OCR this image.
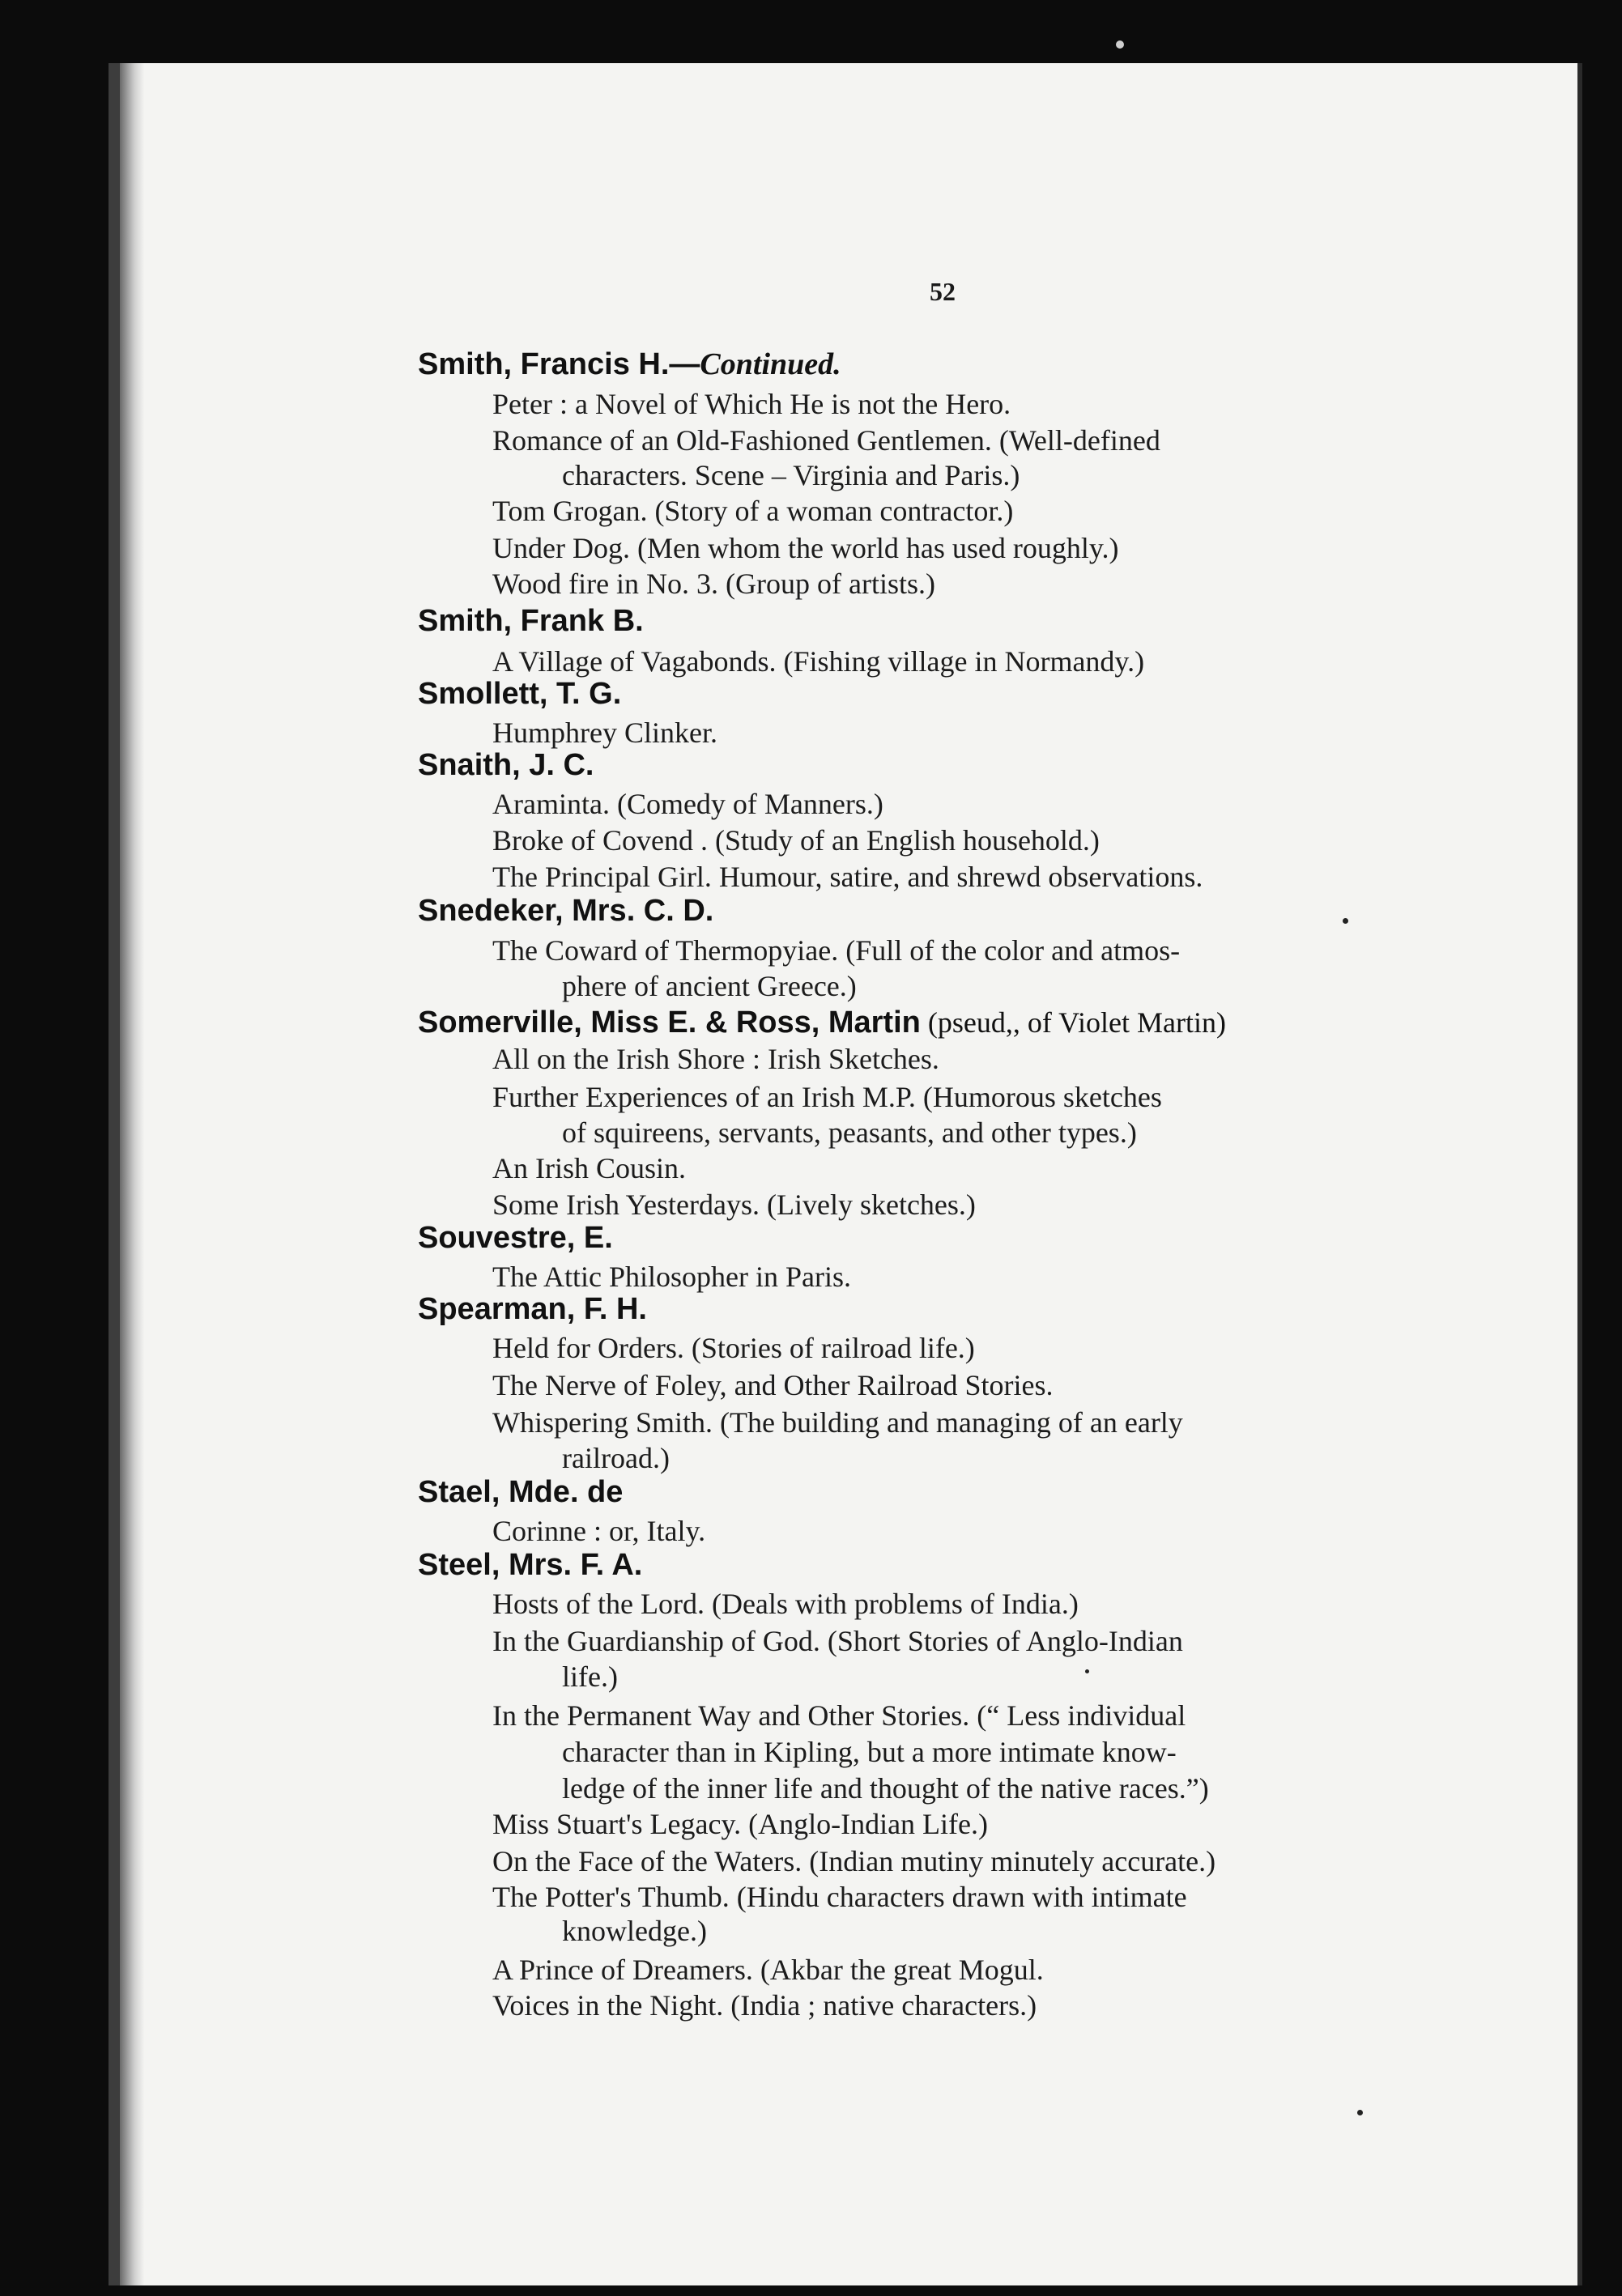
52
Smith, Francis H.—Continued.
Peter : a Novel of Which He is not the Hero.
Romance of an Old-Fashioned Gentlemen. (Well-defined
characters. Scene – Virginia and Paris.)
Tom Grogan. (Story of a woman contractor.)
Under Dog. (Men whom the world has used roughly.)
Wood fire in No. 3. (Group of artists.)
Smith, Frank B.
A Village of Vagabonds. (Fishing village in Normandy.)
Smollett, T. G.
Humphrey Clinker.
Snaith, J. C.
Araminta. (Comedy of Manners.)
Broke of Covend . (Study of an English household.)
The Principal Girl. Humour, satire, and shrewd observations.
Snedeker, Mrs. C. D.
The Coward of Thermopyiae. (Full of the color and atmos-
phere of ancient Greece.)
Somerville, Miss E. & Ross, Martin (pseud,, of Violet Martin)
All on the Irish Shore : Irish Sketches.
Further Experiences of an Irish M.P. (Humorous sketches
of squireens, servants, peasants, and other types.)
An Irish Cousin.
Some Irish Yesterdays. (Lively sketches.)
Souvestre, E.
The Attic Philosopher in Paris.
Spearman, F. H.
Held for Orders. (Stories of railroad life.)
The Nerve of Foley, and Other Railroad Stories.
Whispering Smith. (The building and managing of an early
railroad.)
Stael, Mde. de
Corinne : or, Italy.
Steel, Mrs. F. A.
Hosts of the Lord. (Deals with problems of India.)
In the Guardianship of God. (Short Stories of Anglo-Indian
life.)
In the Permanent Way and Other Stories. (“ Less individual
character than in Kipling, but a more intimate know-
ledge of the inner life and thought of the native races.”)
Miss Stuart's Legacy. (Anglo-Indian Life.)
On the Face of the Waters. (Indian mutiny minutely accurate.)
The Potter's Thumb. (Hindu characters drawn with intimate
knowledge.)
A Prince of Dreamers. (Akbar the great Mogul.
Voices in the Night. (India ; native characters.)
